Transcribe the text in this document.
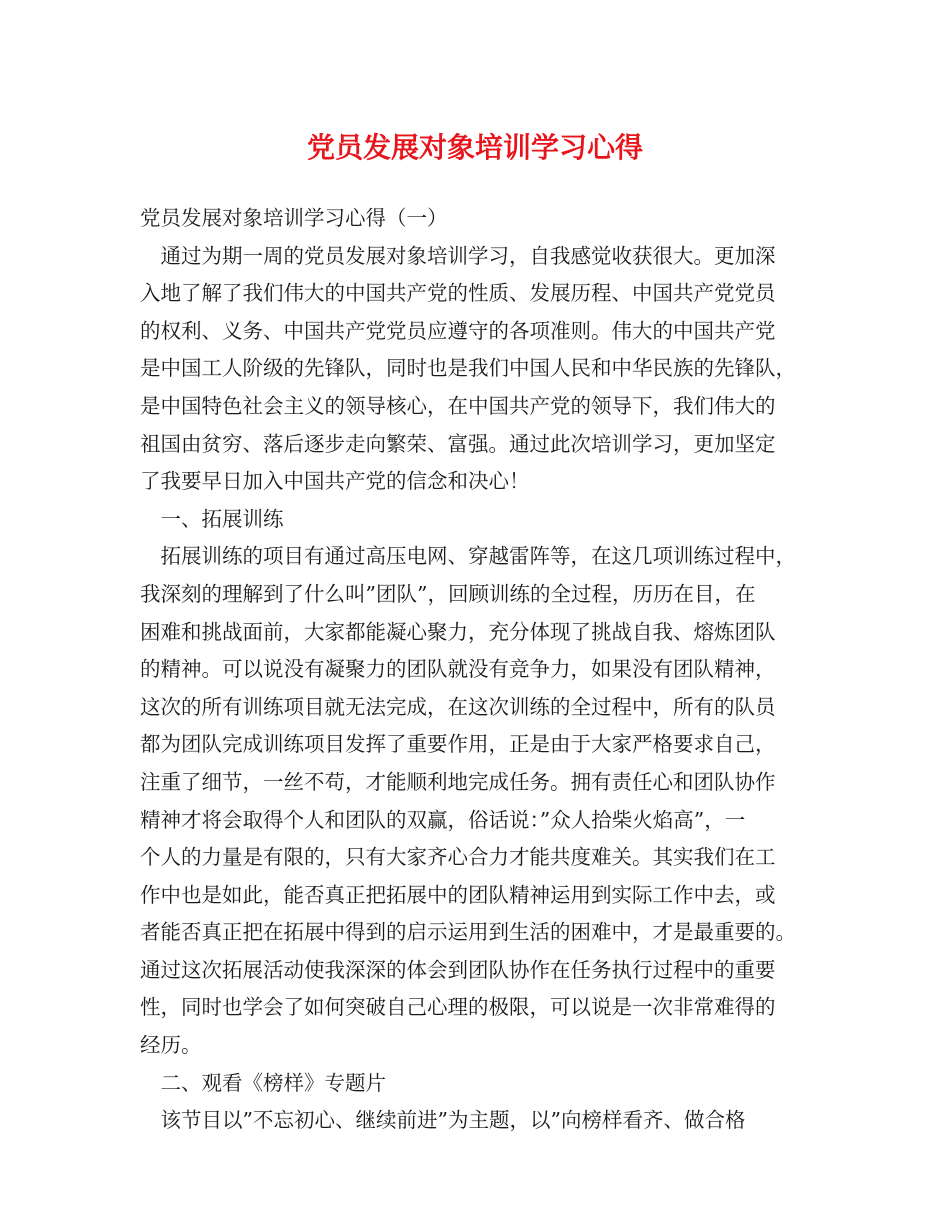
党员发展对象培训学习心得
党员发展对象培训学习心得（一）
　通过为期一周的党员发展对象培训学习，自我感觉收获很大。更加深
入地了解了我们伟大的中国共产党的性质、发展历程、中国共产党党员
的权利、义务、中国共产党党员应遵守的各项准则。伟大的中国共产党
是中国工人阶级的先锋队，同时也是我们中国人民和中华民族的先锋队，
是中国特色社会主义的领导核心，在中国共产党的领导下，我们伟大的
祖国由贫穷、落后逐步走向繁荣、富强。通过此次培训学习，更加坚定
了我要早日加入中国共产党的信念和决心！
　一、拓展训练
　拓展训练的项目有通过高压电网、穿越雷阵等，在这几项训练过程中，
我深刻的理解到了什么叫”团队”，回顾训练的全过程，历历在目，在
困难和挑战面前，大家都能凝心聚力，充分体现了挑战自我、熔炼团队
的精神。可以说没有凝聚力的团队就没有竞争力，如果没有团队精神，
这次的所有训练项目就无法完成，在这次训练的全过程中，所有的队员
都为团队完成训练项目发挥了重要作用，正是由于大家严格要求自己，
注重了细节，一丝不苟，才能顺利地完成任务。拥有责任心和团队协作
精神才将会取得个人和团队的双赢，俗话说：”众人拾柴火焰高”，一
个人的力量是有限的，只有大家齐心合力才能共度难关。其实我们在工
作中也是如此，能否真正把拓展中的团队精神运用到实际工作中去，或
者能否真正把在拓展中得到的启示运用到生活的困难中，才是最重要的。
通过这次拓展活动使我深深的体会到团队协作在任务执行过程中的重要
性，同时也学会了如何突破自己心理的极限，可以说是一次非常难得的
经历。
　二、观看《榜样》专题片
　该节目以”不忘初心、继续前进”为主题，以”向榜样看齐、做合格
